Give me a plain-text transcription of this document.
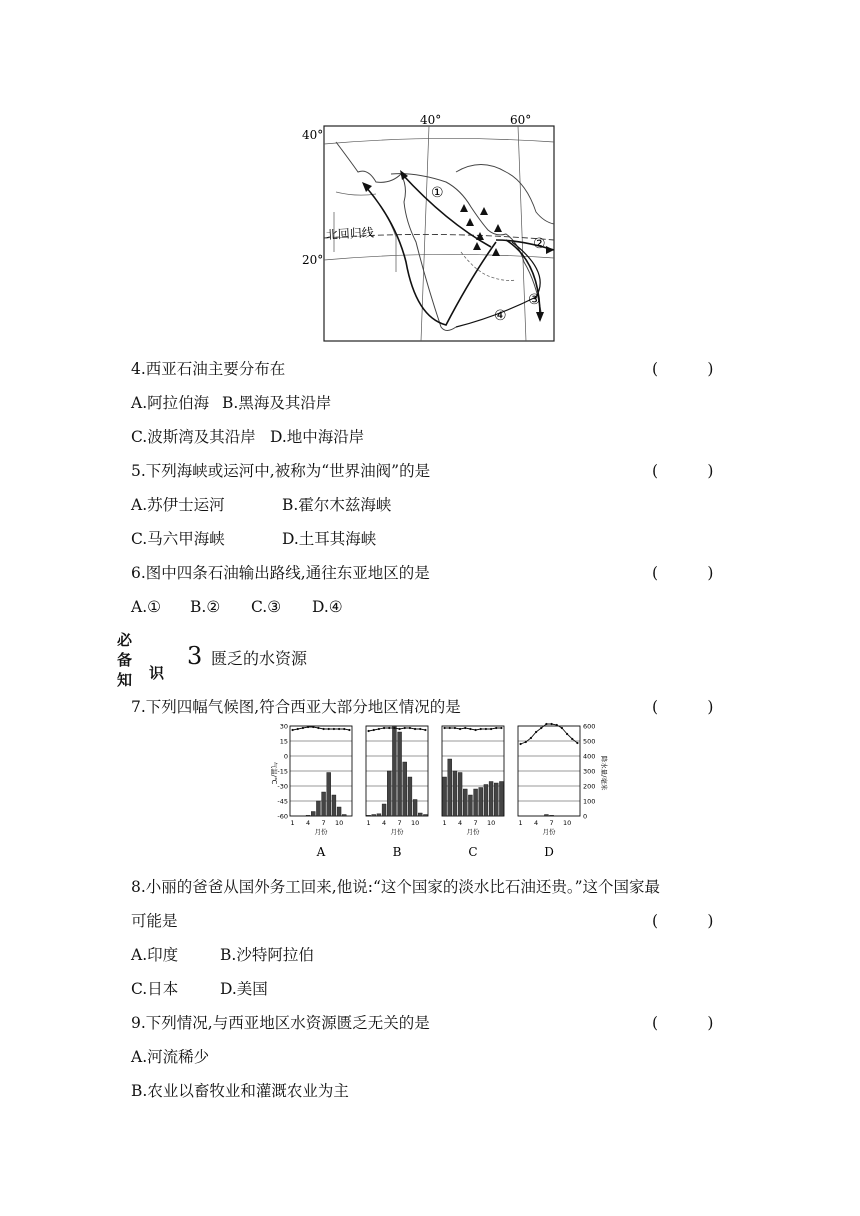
40°
20°
40°	60°
北回归线
①
②
③
④
4.西亚石油主要分布在	(          )
A.阿拉伯海 B.黑海及其沿岸
C.波斯湾及其沿岸 D.地中海沿岸
5.下列海峡或运河中,被称为“世界油阀”的是	(          )
A.苏伊士运河	B.霍尔木兹海峡
C.马六甲海峡	D.土耳其海峡
6.图中四条石油输出路线,通往东亚地区的是	(          )
A.① B.② C.③ D.④
必备知 识
3 匮乏的水资源
7.下列四幅气候图,符合西亚大部分地区情况的是	(          )
30
15
0
-15
-30
-45
-60
气温/℃
600
500
400
300
200
100
0
降水量/毫米
1 4 7 10
月份
A
1 4 7 10
月份
B
1 4 7 10
月份
C
1 4 7 10
月份
D
8.小丽的爸爸从国外务工回来,他说:“这个国家的淡水比石油还贵。”这个国家最
可能是	(          )
A.印度	B.沙特阿拉伯
C.日本	D.美国
9.下列情况,与西亚地区水资源匮乏无关的是	(          )
A.河流稀少
B.农业以畜牧业和灌溉农业为主
